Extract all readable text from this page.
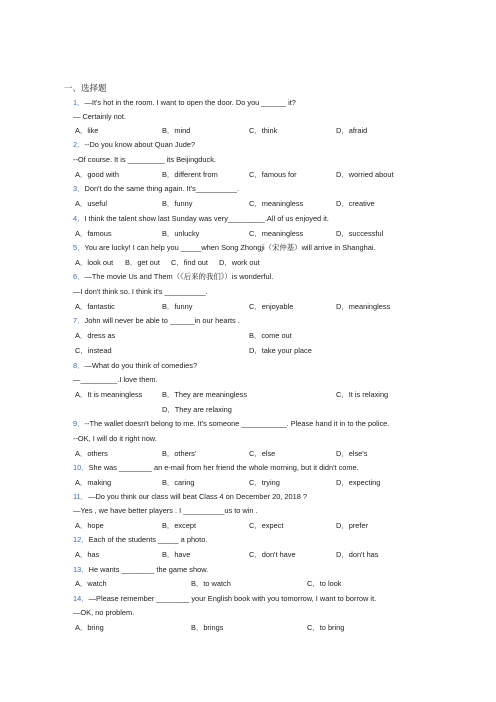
一、选择题
1．—It's hot in the room. I want to open the door. Do you ______ it?
— Certainly not.
A．like	B．mind	C．think	D．afraid
2．--Do you know about Quan Jude?
--Of course. It is _________ its Beijingduck.
A．good with	B．different from	C．famous for	D．worried about
3．Don't do the same thing again. It's__________.
A．useful	B．funny	C．meaningless	D．creative
4．I think the talent show last Sunday was very_________.All of us enjoyed it.
A．famous	B．unlucky	C．meaningless	D．successful
5．You are lucky! I can help you _____when Song Zhongji（宋仲基）will arrive in Shanghai.
A．look out B．get out C．find out D．work out
6．—The movie Us and Them（《后来的我们》）is wonderful.
—I don't think so. I think it's __________.
A．fantastic	B．funny	C．enjoyable	D．meaningless
7．John will never be able to ______in our hearts .
A．dress as	B．come out
C．instead	D．take your place
8．—What do you think of comedies?
—_________.I love them.
A．It is meaningless	B．They are meaningless	C．It is relaxing
D．They are relaxing
9．--The wallet doesn't belong to me. It's someone ___________. Please hand it in to the police.
--OK, I will do it right now.
A．others	B．others'	C．else	D．else's
10．She was ________ an e-mail from her friend the whole morning, but it didn't come.
A．making	B．caring	C．trying	D．expecting
11．—Do you think our class will beat Class 4 on December 20, 2018 ?
—Yes , we have better players . I __________us to win .
A．hope	B．except	C．expect	D．prefer
12．Each of the students _____ a photo.
A．has	B．have	C．don't have	D．don't has
13．He wants ________ the game show.
A．watch	B．to watch	C．to look
14．—Please remember ________ your English book with you tomorrow, I want to borrow it.
—OK, no problem.
A．bring	B．brings	C．to bring
